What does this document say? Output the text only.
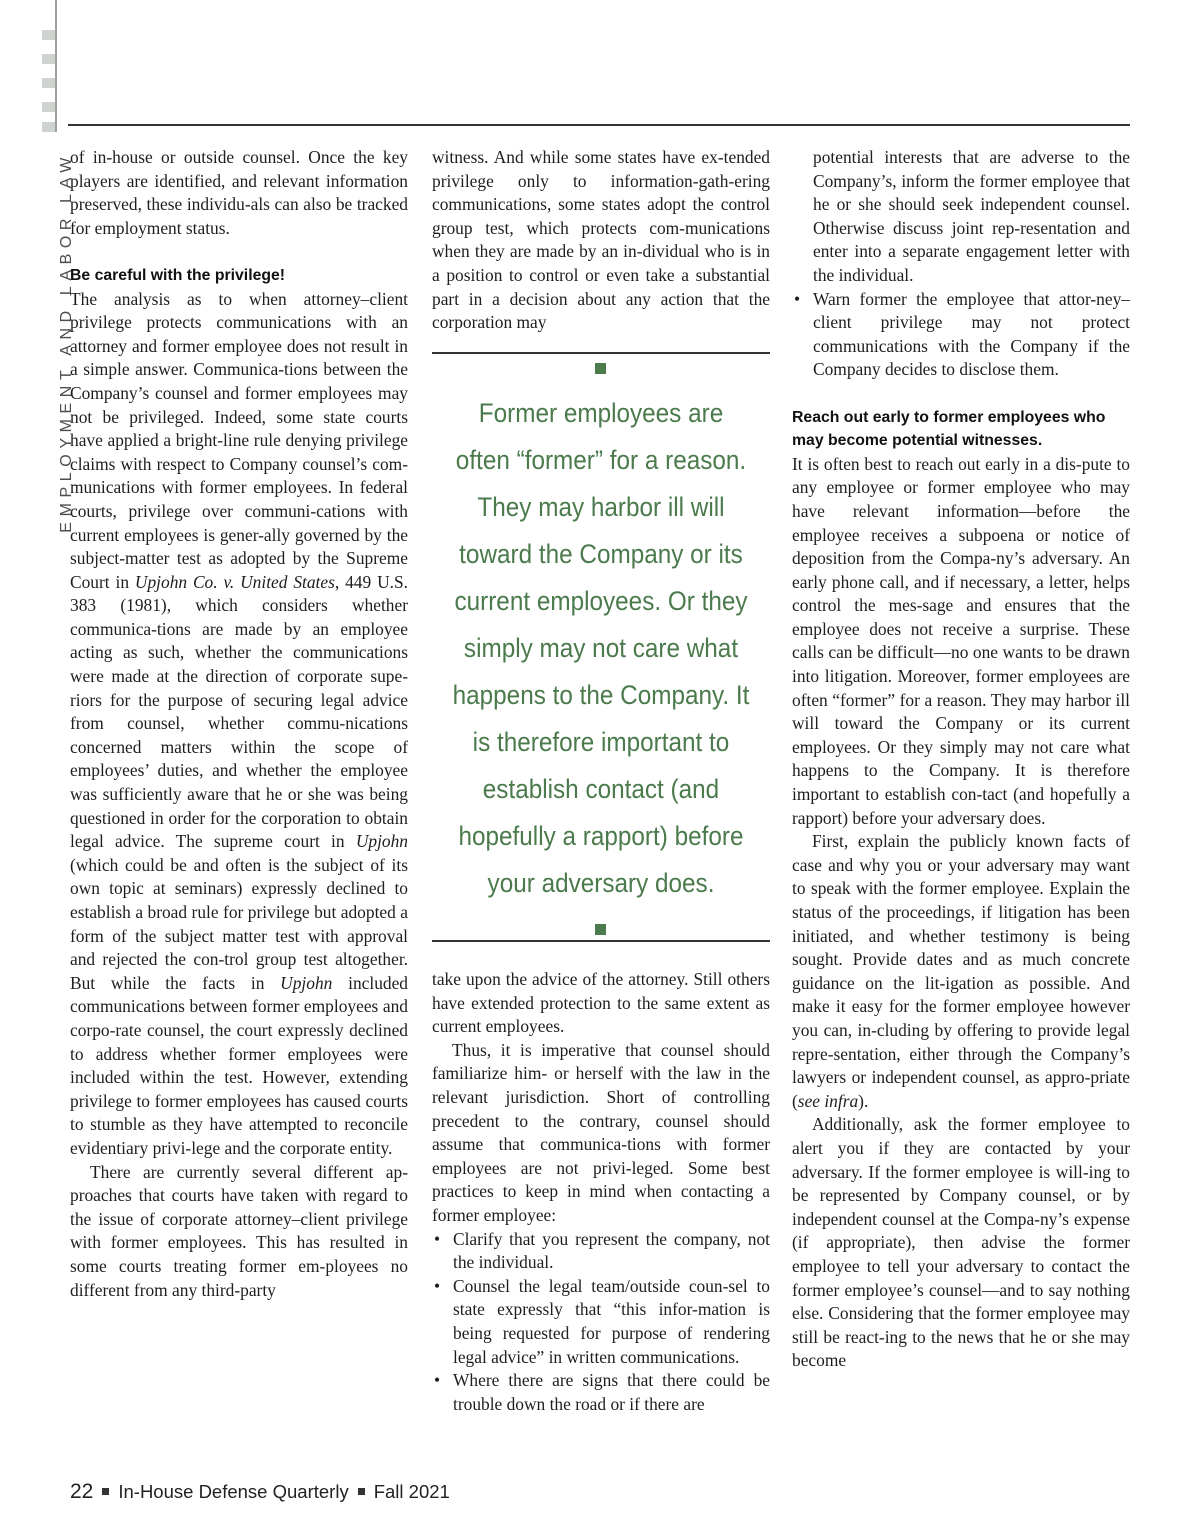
EMPLOYMENT AND LABOR LAW

of in-house or outside counsel. Once the key players are identified, and relevant information preserved, these individu-als can also be tracked for employment status.

Be careful with the privilege!

The analysis as to when attorney–client privilege protects communications with an attorney and former employee does not result in a simple answer. Communica-tions between the Company’s counsel and former employees may not be privileged. Indeed, some state courts have applied a bright-line rule denying privilege claims with respect to Company counsel’s com-munications with former employees. In federal courts, privilege over communi-cations with current employees is gener-ally governed by the subject-matter test as adopted by the Supreme Court in Upjohn Co. v. United States, 449 U.S. 383 (1981), which considers whether communica-tions are made by an employee acting as such, whether the communications were made at the direction of corporate supe-riors for the purpose of securing legal advice from counsel, whether commu-nications concerned matters within the scope of employees’ duties, and whether the employee was sufficiently aware that he or she was being questioned in order for the corporation to obtain legal advice. The supreme court in Upjohn (which could be and often is the subject of its own topic at seminars) expressly declined to establish a broad rule for privilege but adopted a form of the subject matter test with approval and rejected the con-trol group test altogether. But while the facts in Upjohn included communications between former employees and corpo-rate counsel, the court expressly declined to address whether former employees were included within the test. However, extending privilege to former employees has caused courts to stumble as they have attempted to reconcile evidentiary privi-lege and the corporate entity.

There are currently several different ap-proaches that courts have taken with regard to the issue of corporate attorney–client privilege with former employees. This has resulted in some courts treating former em-ployees no different from any third-party

witness. And while some states have ex-tended privilege only to information-gath-ering communications, some states adopt the control group test, which protects com-munications when they are made by an in-dividual who is in a position to control or even take a substantial part in a decision about any action that the corporation may

Former employees are often “former” for a reason. They may harbor ill will toward the Company or its current employees. Or they simply may not care what happens to the Company. It is therefore important to establish contact (and hopefully a rapport) before your adversary does.

take upon the advice of the attorney. Still others have extended protection to the same extent as current employees.

Thus, it is imperative that counsel should familiarize him- or herself with the law in the relevant jurisdiction. Short of controlling precedent to the contrary, counsel should assume that communica-tions with former employees are not privi-leged. Some best practices to keep in mind when contacting a former employee:

• Clarify that you represent the company, not the individual.
• Counsel the legal team/outside coun-sel to state expressly that “this infor-mation is being requested for purpose of rendering legal advice” in written communications.
• Where there are signs that there could be trouble down the road or if there are
potential interests that are adverse to the Company’s, inform the former employee that he or she should seek independent counsel. Otherwise discuss joint rep-resentation and enter into a separate engagement letter with the individual.
• Warn former the employee that attor-ney–client privilege may not protect communications with the Company if the Company decides to disclose them.
Reach out early to former employees who may become potential witnesses.

It is often best to reach out early in a dis-pute to any employee or former employee who may have relevant information—before the employee receives a subpoena or notice of deposition from the Compa-ny’s adversary. An early phone call, and if necessary, a letter, helps control the mes-sage and ensures that the employee does not receive a surprise. These calls can be difficult—no one wants to be drawn into litigation. Moreover, former employees are often “former” for a reason. They may harbor ill will toward the Company or its current employees. Or they simply may not care what happens to the Company. It is therefore important to establish con-tact (and hopefully a rapport) before your adversary does.

First, explain the publicly known facts of case and why you or your adversary may want to speak with the former employee. Explain the status of the proceedings, if litigation has been initiated, and whether testimony is being sought. Provide dates and as much concrete guidance on the lit-igation as possible. And make it easy for the former employee however you can, in-cluding by offering to provide legal repre-sentation, either through the Company’s lawyers or independent counsel, as appro-priate (see infra).

Additionally, ask the former employee to alert you if they are contacted by your adversary. If the former employee is will-ing to be represented by Company counsel, or by independent counsel at the Compa-ny’s expense (if appropriate), then advise the former employee to tell your adversary to contact the former employee’s counsel—and to say nothing else. Considering that the former employee may still be react-ing to the news that he or she may become

22 In-House Defense Quarterly Fall 2021
